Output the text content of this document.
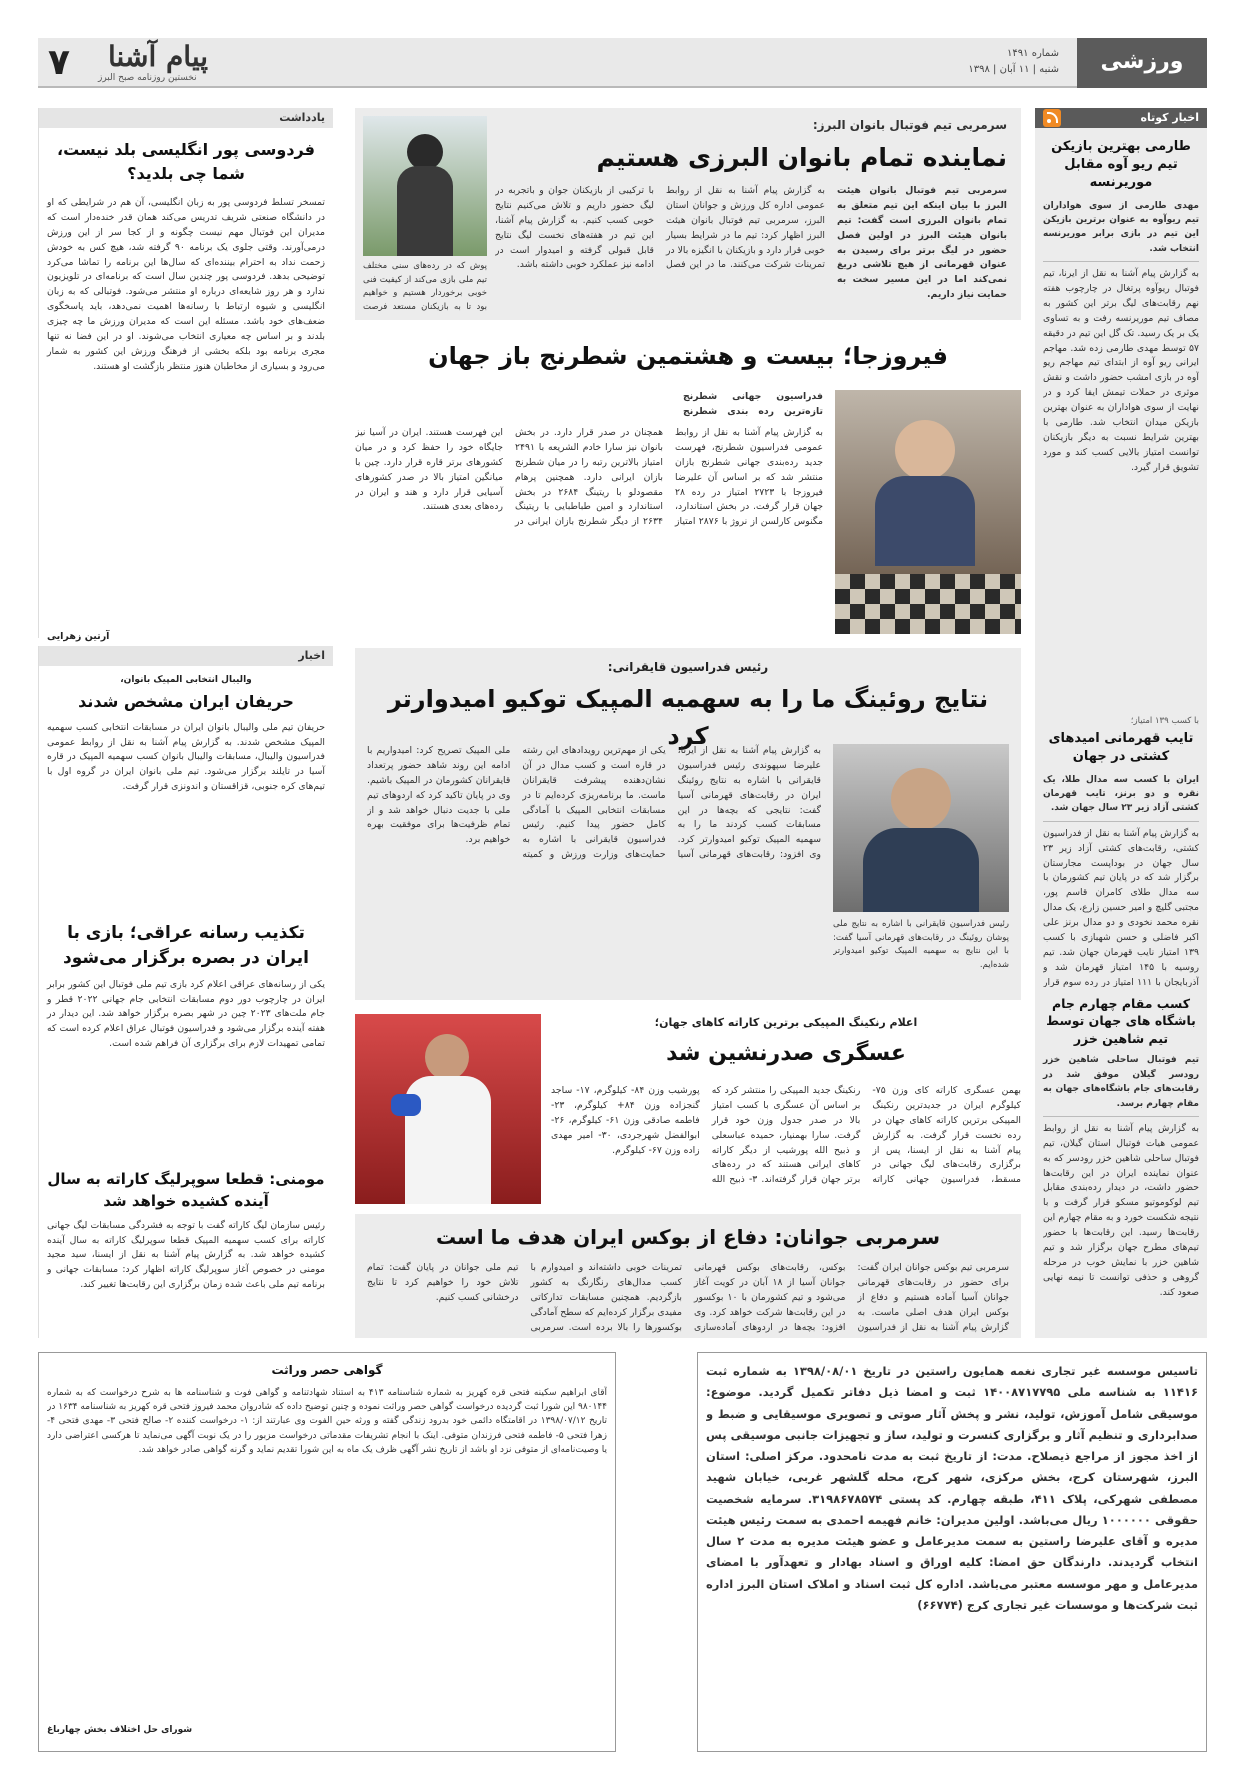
ورزشی
شماره ۱۴۹۱
شنبه | ۱۱ آبان | ۱۳۹۸
۷ پیام آشنا
نخستین روزنامه صبح البرز
اخبار کوتاه
طارمی بهترین بازیکن تیم ریو آوه مقابل موریرنسه
مهدی طارمی از سوی هواداران تیم ریوآوه به عنوان برترین بازیکن این تیم در بازی برابر موریرنسه انتخاب شد.
به گزارش پیام آشنا به نقل از ایرنا، تیم فوتبال ریوآوه پرتغال در چارچوب هفته نهم رقابت‌های لیگ برتر این کشور به مصاف تیم موریرنسه رفت و به تساوی یک بر یک رسید. تک گل این تیم در دقیقه ۵۷ توسط مهدی طارمی زده شد. مهاجم ایرانی ریو آوه از ابتدای تیم مهاجم ریو آوه در بازی امشب حضور داشت و نقش موثری در حملات تیمش ایفا کرد و در نهایت از سوی هواداران به عنوان بهترین بازیکن میدان انتخاب شد. طارمی با بهترین شرایط نسبت به دیگر بازیکنان توانست امتیاز بالایی کسب کند و مورد تشویق قرار گیرد.
با کسب ۱۳۹ امتیاز؛
تایب قهرمانی امیدهای کشتی در جهان
ایران با کسب سه مدال طلا، یک نقره و دو برنز، تایب قهرمان کشتی آزاد زیر ۲۳ سال جهان شد.
به گزارش پیام آشنا به نقل از فدراسیون کشتی، رقابت‌های کشتی آزاد زیر ۲۳ سال جهان در بوداپست مجارستان برگزار شد که در پایان تیم کشورمان با سه مدال طلای کامران قاسم پور، مجتبی گلیچ و امیر حسین زارع، یک مدال نقره محمد نخودی و دو مدال برنز علی اکبر فاضلی و حسن شهبازی با کسب ۱۳۹ امتیاز نایب قهرمان جهان شد. تیم روسیه با ۱۴۵ امتیاز قهرمان شد و آذربایجان با ۱۱۱ امتیاز در رده سوم قرار
کسب مقام چهارم جام باشگاه های جهان توسط تیم شاهین خزر
تیم فوتبال ساحلی شاهین خزر رودسر گیلان موفق شد در رقابت‌های جام باشگاه‌های جهان به مقام چهارم برسد.
به گزارش پیام آشنا به نقل از روابط عمومی هیات فوتبال استان گیلان، تیم فوتبال ساحلی شاهین خزر رودسر که به عنوان نماینده ایران در این رقابت‌ها حضور داشت، در دیدار رده‌بندی مقابل تیم لوکوموتیو مسکو قرار گرفت و با نتیجه شکست خورد و به مقام چهارم این رقابت‌ها رسید. این رقابت‌ها با حضور تیم‌های مطرح جهان برگزار شد و تیم شاهین خزر با نمایش خوب در مرحله گروهی و حذفی توانست تا نیمه نهایی صعود کند.
سرمربی تیم فوتبال بانوان البرز:
نماینده تمام بانوان البرزی هستیم
سرمربی تیم فوتبال بانوان هیئت البرز با بیان اینکه این تیم متعلق به تمام بانوان البرزی است گفت: تیم بانوان هیئت البرز در اولین فصل حضور در لیگ برتر برای رسیدن به عنوان قهرمانی از هیچ تلاشی دریغ نمی‌کند اما در این مسیر سخت به حمایت نیاز داریم.
به گزارش پیام آشنا به نقل از روابط عمومی اداره کل ورزش و جوانان استان البرز، سرمربی تیم فوتبال بانوان هیئت البرز اظهار کرد: تیم ما در شرایط بسیار خوبی قرار دارد و بازیکنان با انگیزه بالا در تمرینات شرکت می‌کنند. ما در این فصل با ترکیبی از بازیکنان جوان و باتجربه در لیگ حضور داریم و تلاش می‌کنیم نتایج خوبی کسب کنیم. به گزارش پیام آشنا، این تیم در هفته‌های نخست لیگ نتایج قابل قبولی گرفته و امیدوار است در ادامه نیز عملکرد خوبی داشته باشد.
پوش که در رده‌های سنی مختلف تیم ملی بازی می‌کند از کیفیت فنی خوبی برخوردار هستیم و خواهیم بود تا به بازیکنان مستعد فرصت
یادداشت
فردوسی پور انگلیسی بلد نیست، شما چی بلدید؟
تمسخر تسلط فردوسی پور به زبان انگلیسی، آن هم در شرایطی که او در دانشگاه صنعتی شریف تدریس می‌کند همان قدر خنده‌دار است که مدیران این فوتبال مهم نیست چگونه و از کجا سر از این ورزش درمی‌آورند. وقتی جلوی یک برنامه ۹۰ گرفته شد، هیچ کس به خودش زحمت نداد به احترام بیننده‌ای که سال‌ها این برنامه را تماشا می‌کرد توضیحی بدهد. فردوسی پور چندین سال است که برنامه‌ای در تلویزیون ندارد و هر روز شایعه‌ای درباره او منتشر می‌شود. فوتبالی که به زبان انگلیسی و شیوه ارتباط با رسانه‌ها اهمیت نمی‌دهد، باید پاسخگوی ضعف‌های خود باشد. مسئله این است که مدیران ورزش ما چه چیزی بلدند و بر اساس چه معیاری انتخاب می‌شوند. او در این فضا نه تنها مجری برنامه بود بلکه بخشی از فرهنگ ورزش این کشور به شمار می‌رود و بسیاری از مخاطبان هنوز منتظر بازگشت او هستند.
آرتین زهرایی
فیروزجا؛ بیست و هشتمین شطرنج باز جهان
فدراسیون جهانی شطرنج تازه‌ترین رده بندی شطرنج
به گزارش پیام آشنا به نقل از روابط عمومی فدراسیون شطرنج، فهرست جدید رده‌بندی جهانی شطرنج بازان منتشر شد که بر اساس آن علیرضا فیروزجا با ۲۷۲۳ امتیاز در رده ۲۸ جهان قرار گرفت. در بخش استاندارد، مگنوس کارلسن از نروژ با ۲۸۷۶ امتیاز همچنان در صدر قرار دارد. در بخش بانوان نیز سارا خادم الشریعه با ۲۴۹۱ امتیاز بالاترین رتبه را در میان شطرنج بازان ایرانی دارد. همچنین پرهام مقصودلو با ریتینگ ۲۶۸۴ در بخش استاندارد و امین طباطبایی با ریتینگ ۲۶۳۴ از دیگر شطرنج بازان ایرانی در این فهرست هستند. ایران در آسیا نیز جایگاه خود را حفظ کرد و در میان کشورهای برتر قاره قرار دارد. چین با میانگین امتیاز بالا در صدر کشورهای آسیایی قرار دارد و هند و ایران در رده‌های بعدی هستند.
اخبار
والیبال انتخابی المپیک بانوان،
حریفان ایران مشخص شدند
حریفان تیم ملی والیبال بانوان ایران در مسابقات انتخابی کسب سهمیه المپیک مشخص شدند. به گزارش پیام آشنا به نقل از روابط عمومی فدراسیون والیبال، مسابقات والیبال بانوان کسب سهمیه المپیک در قاره آسیا در تایلند برگزار می‌شود. تیم ملی بانوان ایران در گروه اول با تیم‌های کره جنوبی، قزاقستان و اندونزی قرار گرفت.
تکذیب رسانه عراقی؛ بازی با ایران در بصره برگزار می‌شود
یکی از رسانه‌های عراقی اعلام کرد بازی تیم ملی فوتبال این کشور برابر ایران در چارچوب دور دوم مسابقات انتخابی جام جهانی ۲۰۲۲ قطر و جام ملت‌های ۲۰۲۳ چین در شهر بصره برگزار خواهد شد. این دیدار در هفته آینده برگزار می‌شود و فدراسیون فوتبال عراق اعلام کرده است که تمامی تمهیدات لازم برای برگزاری آن فراهم شده است.
مومنی: قطعا سوپرلیگ کاراته به سال آینده کشیده خواهد شد
رئیس سازمان لیگ کاراته گفت با توجه به فشردگی مسابقات لیگ جهانی کاراته برای کسب سهمیه المپیک قطعا سوپرلیگ کاراته به سال آینده کشیده خواهد شد. به گزارش پیام آشنا به نقل از ایسنا، سید مجید مومنی در خصوص آغاز سوپرلیگ کاراته اظهار کرد: مسابقات جهانی و برنامه تیم ملی باعث شده زمان برگزاری این رقابت‌ها تغییر کند.
رئیس فدراسیون قایقرانی:
نتایج روئینگ ما را به سهمیه المپیک توکیو امیدوارتر کرد
رئیس فدراسیون قایقرانی با اشاره به نتایج ملی پوشان روئینگ در رقابت‌های قهرمانی آسیا گفت: با این نتایج به سهمیه المپیک توکیو امیدوارتر شده‌ایم.
به گزارش پیام آشنا به نقل از ایرنا، علیرضا سپهوندی رئیس فدراسیون قایقرانی با اشاره به نتایج روئینگ ایران در رقابت‌های قهرمانی آسیا گفت: نتایجی که بچه‌ها در این مسابقات کسب کردند ما را به سهمیه المپیک توکیو امیدوارتر کرد. وی افزود: رقابت‌های قهرمانی آسیا یکی از مهم‌ترین رویدادهای این رشته در قاره است و کسب مدال در آن نشان‌دهنده پیشرفت قایقرانان ماست. ما برنامه‌ریزی کرده‌ایم تا در مسابقات انتخابی المپیک با آمادگی کامل حضور پیدا کنیم. رئیس فدراسیون قایقرانی با اشاره به حمایت‌های وزارت ورزش و کمیته ملی المپیک تصریح کرد: امیدواریم با ادامه این روند شاهد حضور پرتعداد قایقرانان کشورمان در المپیک باشیم. وی در پایان تاکید کرد که اردوهای تیم ملی با جدیت دنبال خواهد شد و از تمام ظرفیت‌ها برای موفقیت بهره خواهیم برد.
اعلام رنکینگ المپیکی برترین کاراته کاهای جهان؛
عسگری صدرنشین شد
بهمن عسگری کاراته کای وزن ۷۵- کیلوگرم ایران در جدیدترین رنکینگ المپیکی برترین کاراته کاهای جهان در رده نخست قرار گرفت. به گزارش پیام آشنا به نقل از ایسنا، پس از برگزاری رقابت‌های لیگ جهانی در مسقط، فدراسیون جهانی کاراته رنکینگ جدید المپیکی را منتشر کرد که بر اساس آن عسگری با کسب امتیاز بالا در صدر جدول وزن خود قرار گرفت. سارا بهمنیار، حمیده عباسعلی و ذبیح الله پورشیب از دیگر کاراته کاهای ایرانی هستند که در رده‌های برتر جهان قرار گرفته‌اند. ۳- ذبیح الله پورشیب وزن ۸۴- کیلوگرم، ۱۷- ساجد گنجزاده وزن ۸۴+ کیلوگرم، ۲۳- فاطمه صادقی وزن ۶۱- کیلوگرم، ۲۶- ابوالفضل شهرجردی، ۳۰- امیر مهدی زاده وزن ۶۷- کیلوگرم.
سرمربی جوانان: دفاع از بوکس ایران هدف ما است
سرمربی تیم بوکس جوانان ایران گفت: برای حضور در رقابت‌های قهرمانی جوانان آسیا آماده هستیم و دفاع از بوکس ایران هدف اصلی ماست. به گزارش پیام آشنا به نقل از فدراسیون بوکس، رقابت‌های بوکس قهرمانی جوانان آسیا از ۱۸ آبان در کویت آغاز می‌شود و تیم کشورمان با ۱۰ بوکسور در این رقابت‌ها شرکت خواهد کرد. وی افزود: بچه‌ها در اردوهای آماده‌سازی تمرینات خوبی داشته‌اند و امیدوارم با کسب مدال‌های رنگارنگ به کشور بازگردیم. همچنین مسابقات تدارکاتی مفیدی برگزار کرده‌ایم که سطح آمادگی بوکسورها را بالا برده است. سرمربی تیم ملی جوانان در پایان گفت: تمام تلاش خود را خواهیم کرد تا نتایج درخشانی کسب کنیم.
تاسیس موسسه غیر تجاری نغمه همایون راستین در تاریخ ۱۳۹۸/۰۸/۰۱ به شماره ثبت ۱۱۴۱۶ به شناسه ملی ۱۴۰۰۸۷۱۷۷۹۵ ثبت و امضا ذیل دفاتر تکمیل گردید. موضوع: موسیقی شامل آموزش، تولید، نشر و پخش آثار صوتی و تصویری موسیقایی و ضبط و صدابرداری و تنظیم آثار و برگزاری کنسرت و تولید، ساز و تجهیزات جانبی موسیقی پس از اخذ مجوز از مراجع ذیصلاح. مدت: از تاریخ ثبت به مدت نامحدود. مرکز اصلی: استان البرز، شهرستان کرج، بخش مرکزی، شهر کرج، محله گلشهر غربی، خیابان شهید مصطفی شهرکی، پلاک ۴۱۱، طبقه چهارم. کد پستی ۳۱۹۸۶۷۸۵۷۴. سرمایه شخصیت حقوقی ۱۰۰۰۰۰۰ ریال می‌باشد. اولین مدیران: خانم فهیمه احمدی به سمت رئیس هیئت مدیره و آقای علیرضا راستین به سمت مدیرعامل و عضو هیئت مدیره به مدت ۲ سال انتخاب گردیدند. دارندگان حق امضا: کلیه اوراق و اسناد بهادار و تعهدآور با امضای مدیرعامل و مهر موسسه معتبر می‌باشد. اداره کل ثبت اسناد و املاک استان البرز اداره ثبت شرکت‌ها و موسسات غیر تجاری کرج (۶۶۷۷۴)
گواهی حصر وراثت
آقای ابراهیم سکینه فتحی قره کهریز به شماره شناسنامه ۴۱۳ به استناد شهادتنامه و گواهی فوت و شناسنامه ها به شرح درخواست که به شماره ۹۸۰۱۴۴ این شورا ثبت گردیده درخواست گواهی حصر وراثت نموده و چنین توضیح داده که شادروان محمد فیروز فتحی قره کهریز به شناسنامه ۱۶۳۴ در تاریخ ۱۳۹۸/۰۷/۱۲ در اقامتگاه دائمی خود بدرود زندگی گفته و ورثه حین الفوت وی عبارتند از: ۱- درخواست کننده ۲- صالح فتحی ۳- مهدی فتحی ۴- زهرا فتحی ۵- فاطمه فتحی فرزندان متوفی. اینک با انجام تشریفات مقدماتی درخواست مزبور را در یک نوبت آگهی می‌نماید تا هرکسی اعتراضی دارد یا وصیت‌نامه‌ای از متوفی نزد او باشد از تاریخ نشر آگهی ظرف یک ماه به این شورا تقدیم نماید و گرنه گواهی صادر خواهد شد.
شورای حل اختلاف بخش چهارباغ
